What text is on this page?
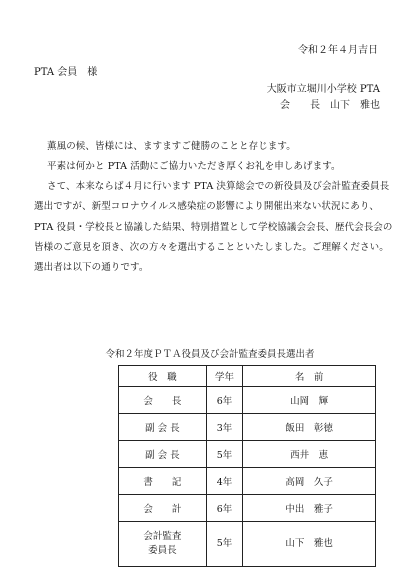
令和２年４月吉日
PTA 会員　様
大阪市立堀川小学校 PTA
会　　長　山下　雅也
薫風の候、皆様には、ますますご健勝のことと存じます。
平素は何かと PTA 活動にご協力いただき厚くお礼を申しあげます。
さて、本来ならば４月に行います PTA 決算総会での新役員及び会計監査委員長
選出ですが、新型コロナウイルス感染症の影響により開催出来ない状況にあり、
PTA 役員・学校長と協議した結果、特別措置として学校協議会会長、歴代会長会の
皆様のご意見を頂き、次の方々を選出することといたしました。ご理解ください。
選出者は以下の通りです。
令和２年度ＰＴＡ役員及び会計監査委員長選出者
役　職	学年	名　前
会　　長	6年	山岡　輝
副 会 長	3年	飯田　彰徳
副 会 長	5年	西井　恵
書　　記	4年	高岡　久子
会　　計	6年	中出　雅子
会計監査
委員長	5年	山下　雅也
